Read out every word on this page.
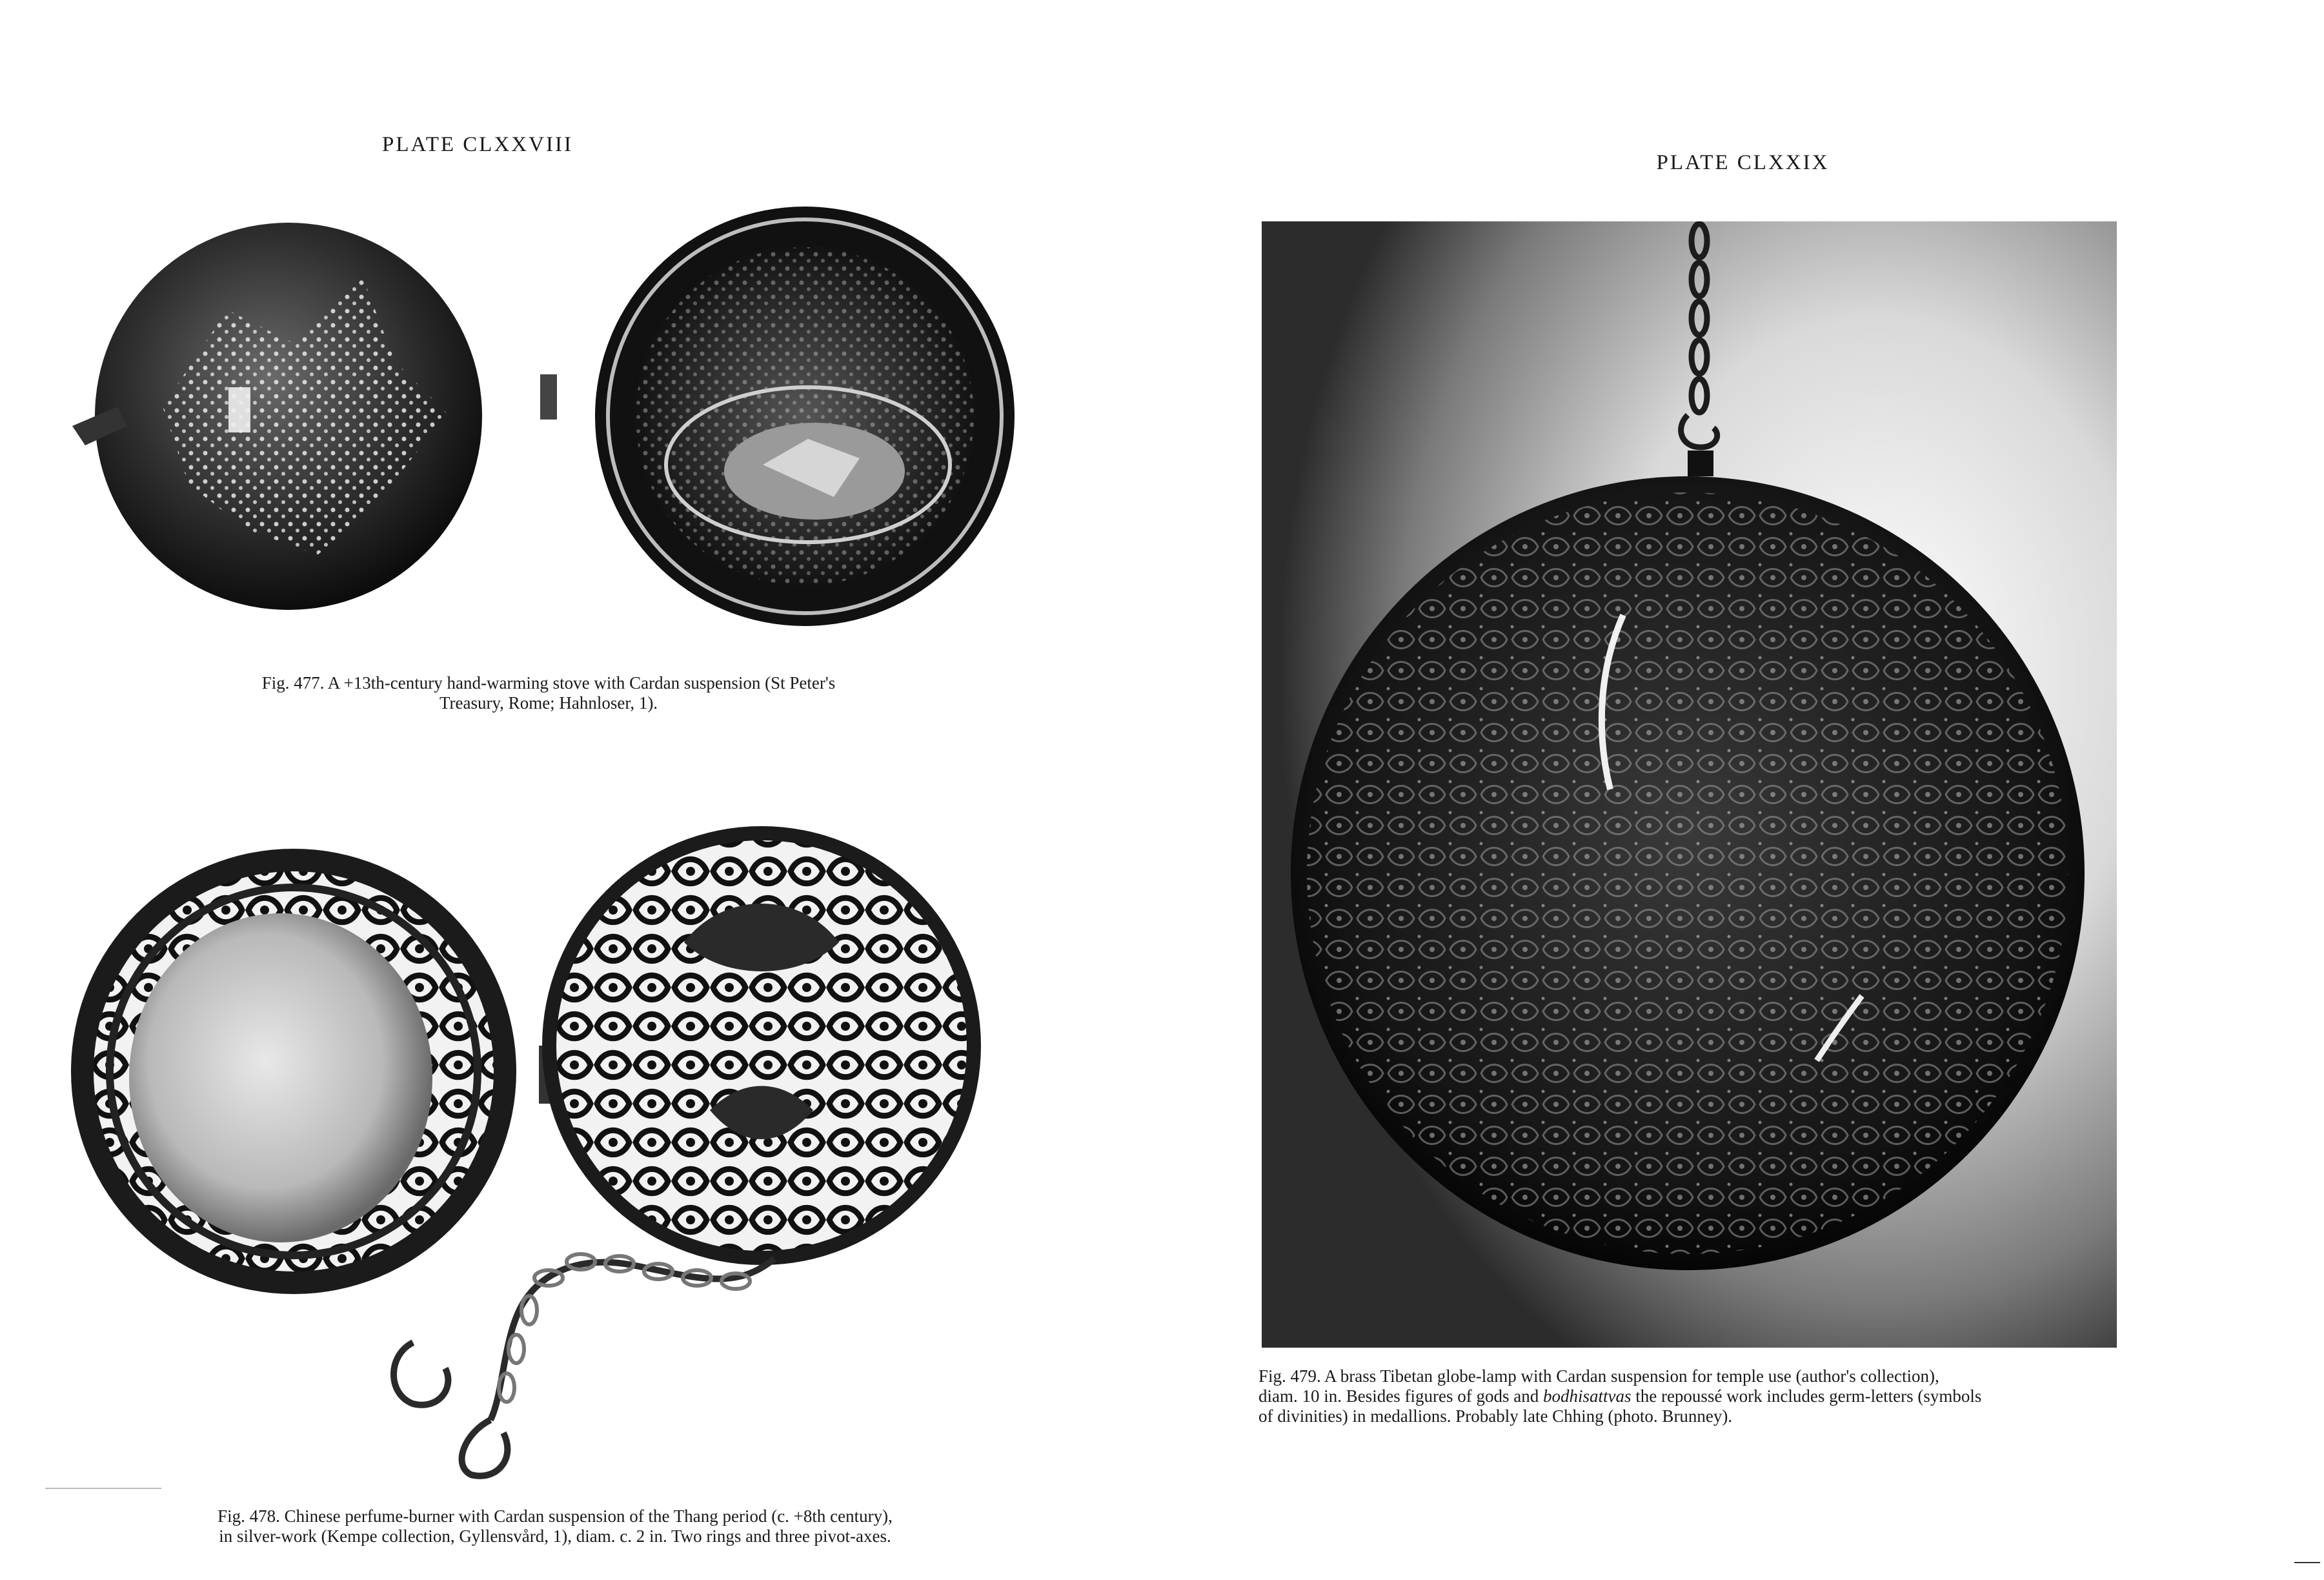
PLATE CLXXVIII
Fig. 477. A +13th-century hand-warming stove with Cardan suspension (St Peter's
Treasury, Rome; Hahnloser, 1).
Fig. 478. Chinese perfume-burner with Cardan suspension of the Thang period (c. +8th century),
in silver-work (Kempe collection, Gyllensvård, 1), diam. c. 2 in. Two rings and three pivot-axes.
PLATE CLXXIX
Fig. 479. A brass Tibetan globe-lamp with Cardan suspension for temple use (author's collection),
diam. 10 in. Besides figures of gods and bodhisattvas the repoussé work includes germ-letters (symbols
of divinities) in medallions. Probably late Chhing (photo. Brunney).
